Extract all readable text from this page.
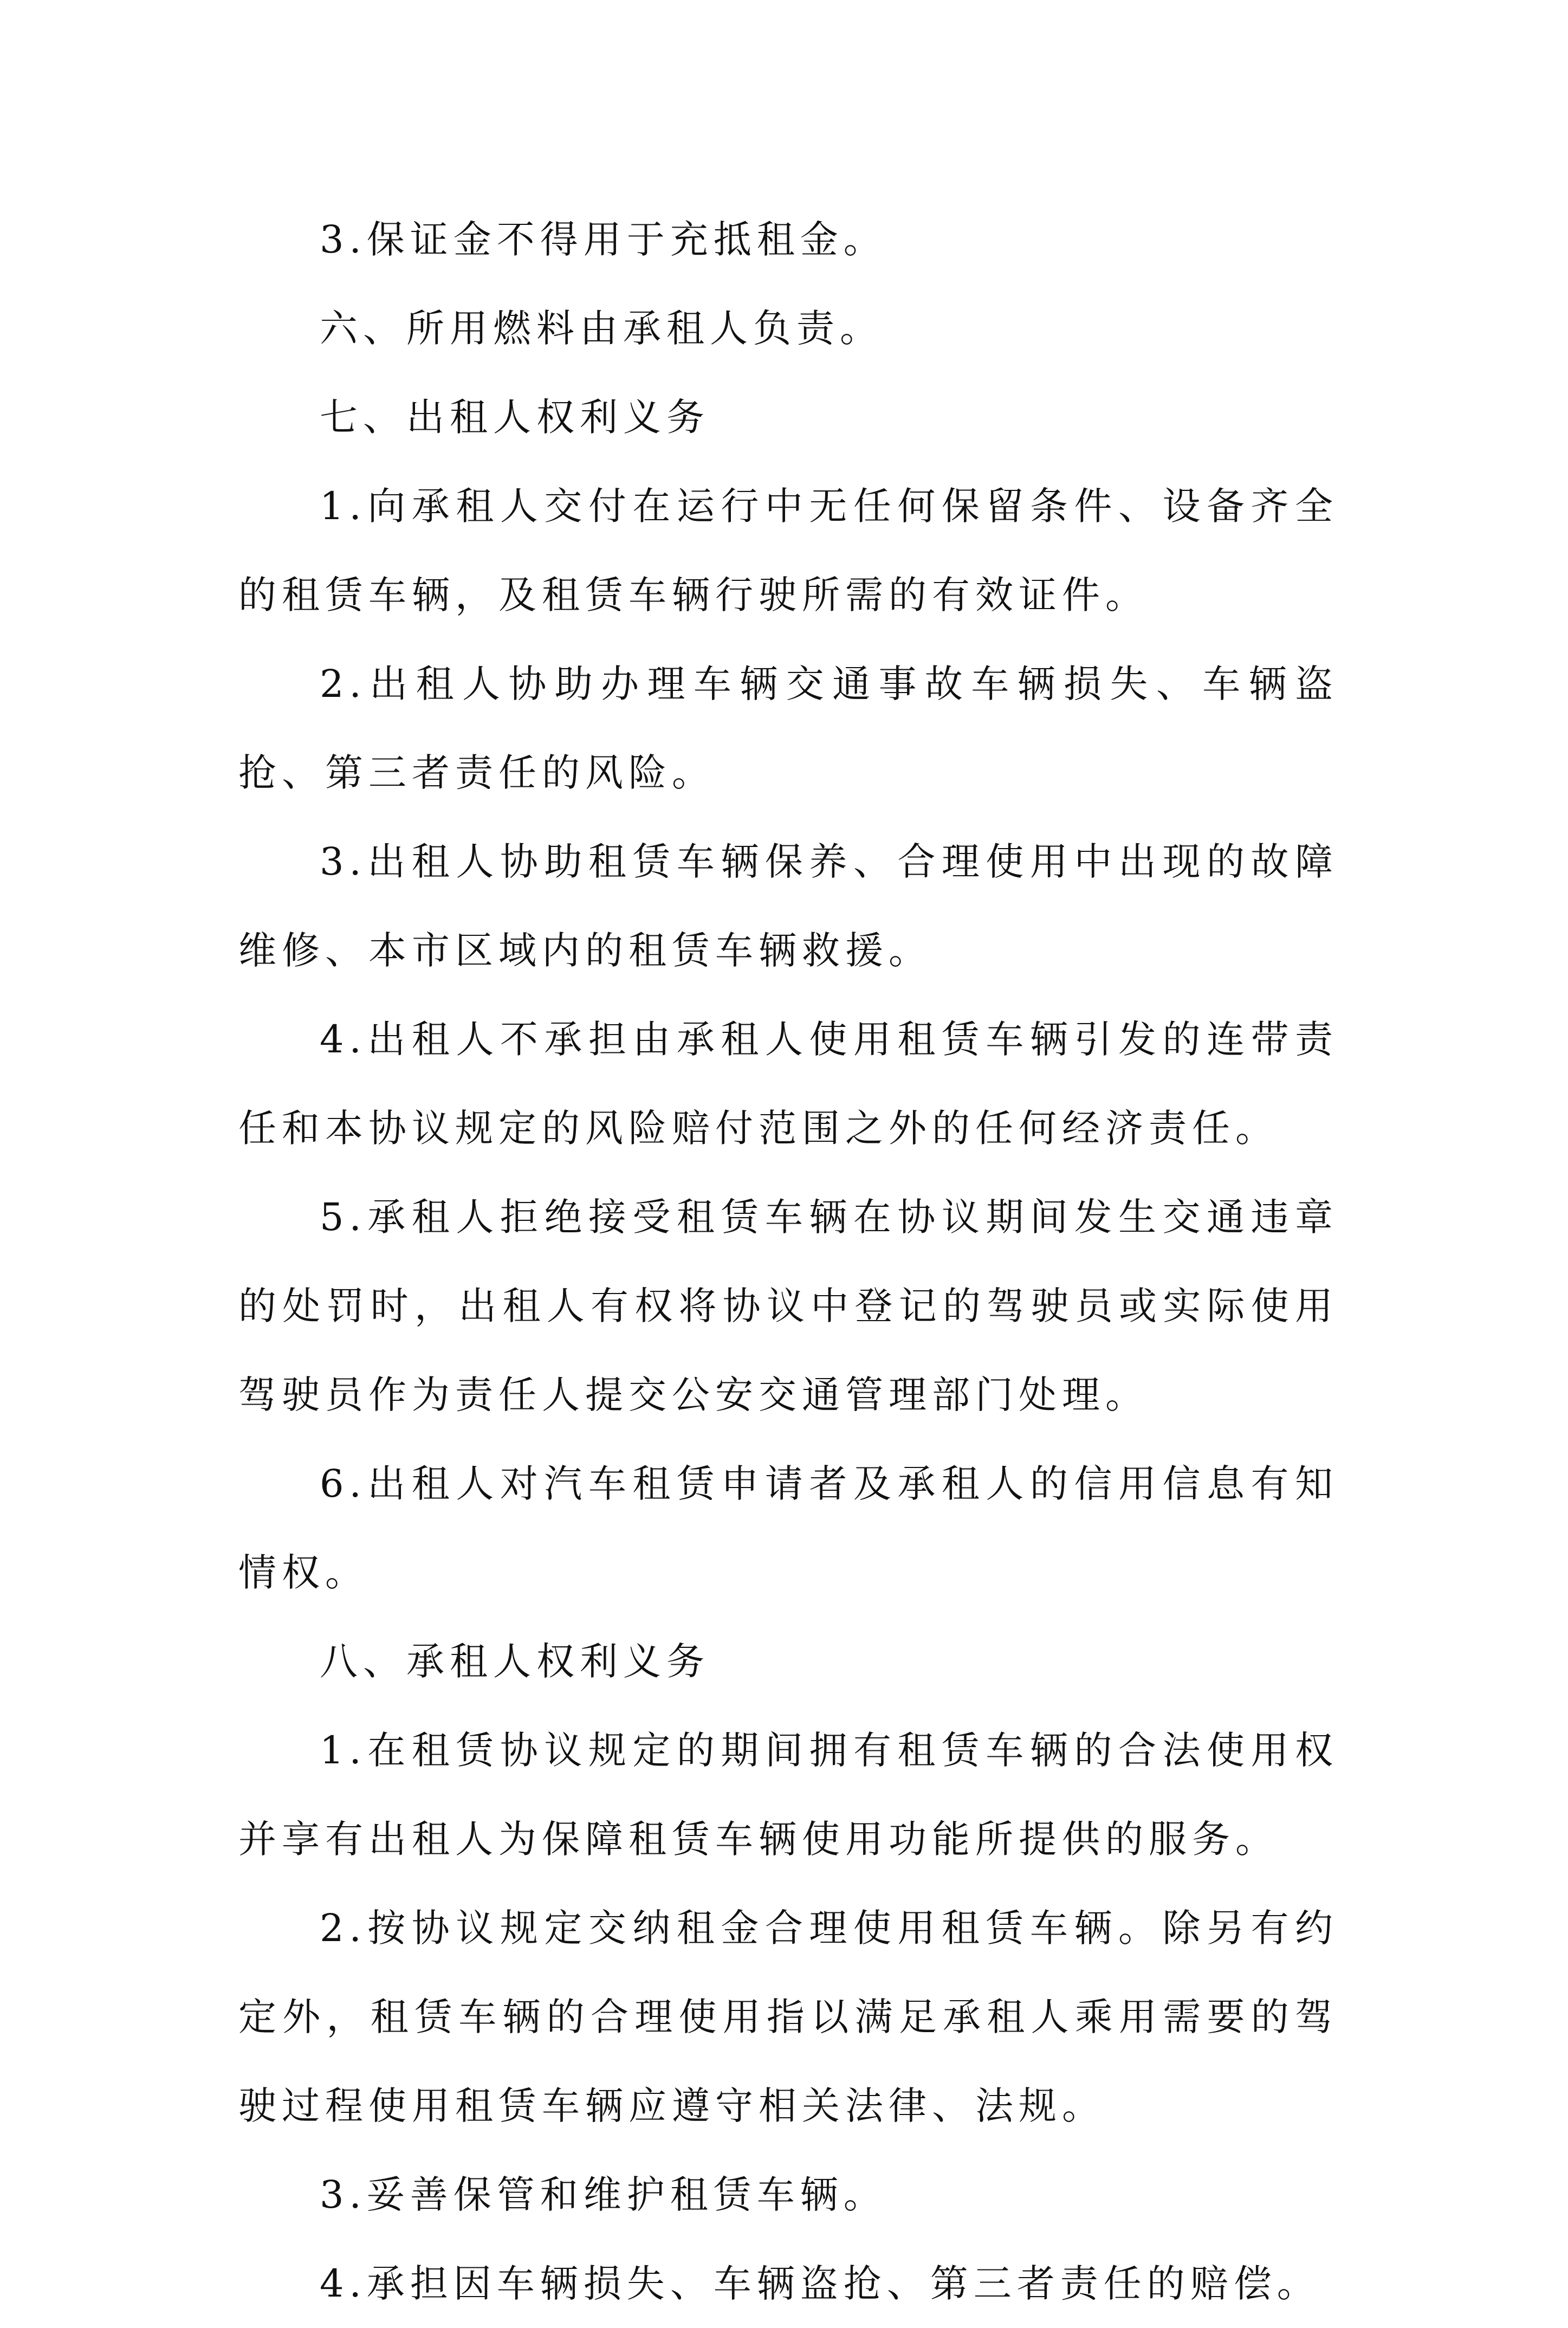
3.保证金不得用于充抵租金。

六、所用燃料由承租人负责。

七、出租人权利义务

1.向承租人交付在运行中无任何保留条件、设备齐全的租赁车辆，及租赁车辆行驶所需的有效证件。

2.出租人协助办理车辆交通事故车辆损失、车辆盗抢、第三者责任的风险。

3.出租人协助租赁车辆保养、合理使用中出现的故障维修、本市区域内的租赁车辆救援。

4.出租人不承担由承租人使用租赁车辆引发的连带责任和本协议规定的风险赔付范围之外的任何经济责任。

5.承租人拒绝接受租赁车辆在协议期间发生交通违章的处罚时，出租人有权将协议中登记的驾驶员或实际使用驾驶员作为责任人提交公安交通管理部门处理。

6.出租人对汽车租赁申请者及承租人的信用信息有知情权。

八、承租人权利义务

1.在租赁协议规定的期间拥有租赁车辆的合法使用权并享有出租人为保障租赁车辆使用功能所提供的服务。

2.按协议规定交纳租金合理使用租赁车辆。除另有约定外，租赁车辆的合理使用指以满足承租人乘用需要的驾驶过程使用租赁车辆应遵守相关法律、法规。

3.妥善保管和维护租赁车辆。

4.承担因车辆损失、车辆盗抢、第三者责任的赔偿。
